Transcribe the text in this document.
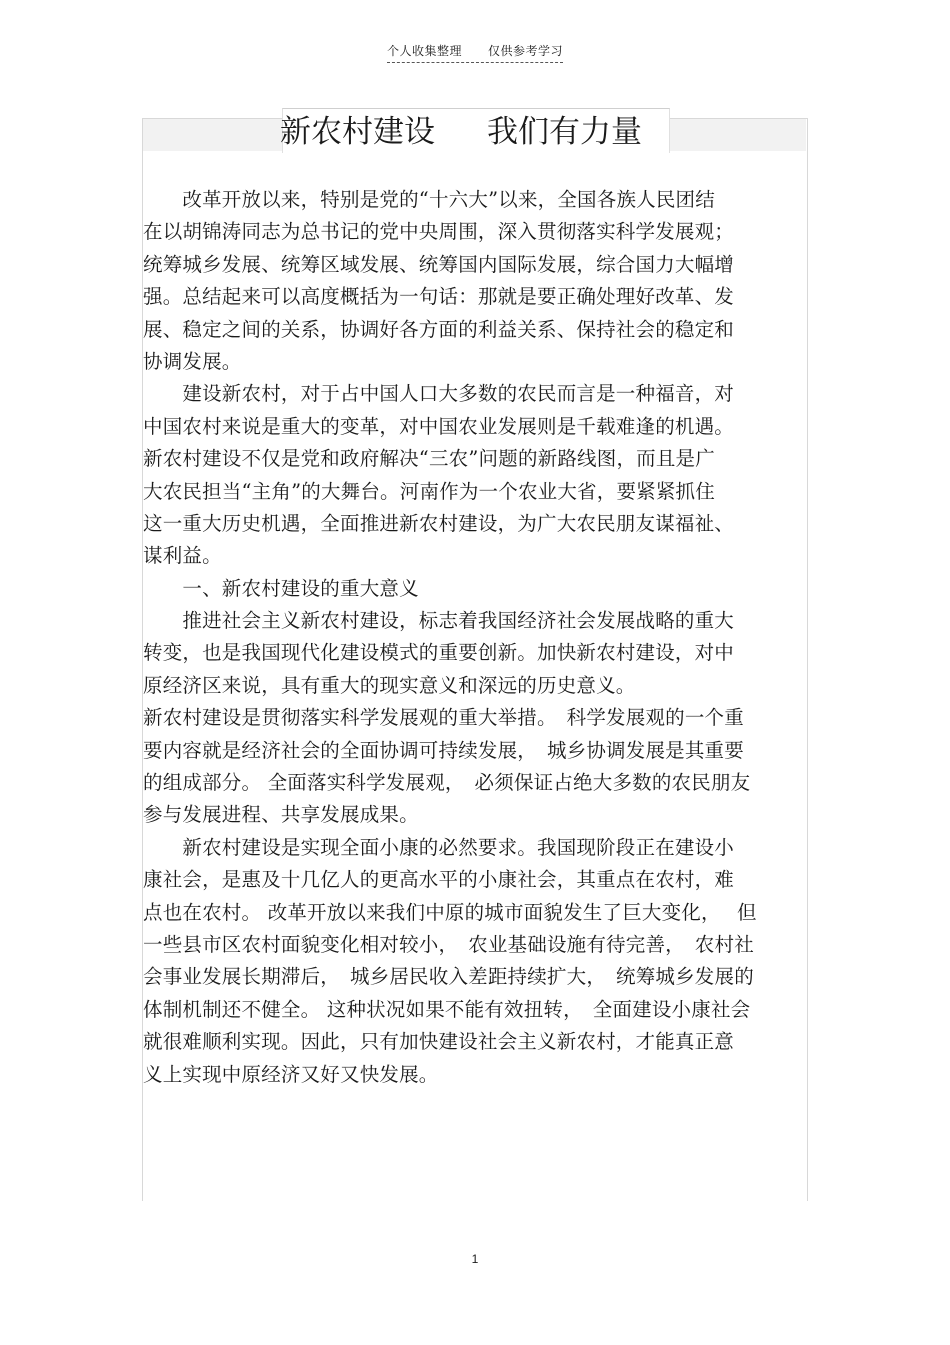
个人收集整理 仅供参考学习
新农村建设 我们有力量
　　改革开放以来，特别是党的“十六大”以来，全国各族人民团结
在以胡锦涛同志为总书记的党中央周围，深入贯彻落实科学发展观；
统筹城乡发展、统筹区域发展、统筹国内国际发展，综合国力大幅增
强。总结起来可以高度概括为一句话：那就是要正确处理好改革、发
展、稳定之间的关系，协调好各方面的利益关系、保持社会的稳定和
协调发展。
　　建设新农村，对于占中国人口大多数的农民而言是一种福音，对
中国农村来说是重大的变革，对中国农业发展则是千载难逢的机遇。
新农村建设不仅是党和政府解决“三农”问题的新路线图，而且是广
大农民担当“主角”的大舞台。河南作为一个农业大省，要紧紧抓住
这一重大历史机遇，全面推进新农村建设，为广大农民朋友谋福祉、
谋利益。
　　一、新农村建设的重大意义
　　推进社会主义新农村建设，标志着我国经济社会发展战略的重大
转变，也是我国现代化建设模式的重要创新。加快新农村建设，对中
原经济区来说，具有重大的现实意义和深远的历史意义。
新农村建设是贯彻落实科学发展观的重大举措。　科学发展观的一个重
要内容就是经济社会的全面协调可持续发展，　城乡协调发展是其重要
的组成部分。 全面落实科学发展观，　必须保证占绝大多数的农民朋友
参与发展进程、共享发展成果。
　　新农村建设是实现全面小康的必然要求。我国现阶段正在建设小
康社会，是惠及十几亿人的更高水平的小康社会，其重点在农村，难
点也在农村。 改革开放以来我们中原的城市面貌发生了巨大变化，　 但
一些县市区农村面貌变化相对较小，　农业基础设施有待完善，　农村社
会事业发展长期滞后，　城乡居民收入差距持续扩大，　统筹城乡发展的
体制机制还不健全。 这种状况如果不能有效扭转，　全面建设小康社会
就很难顺利实现。因此，只有加快建设社会主义新农村，才能真正意
义上实现中原经济又好又快发展。
1
